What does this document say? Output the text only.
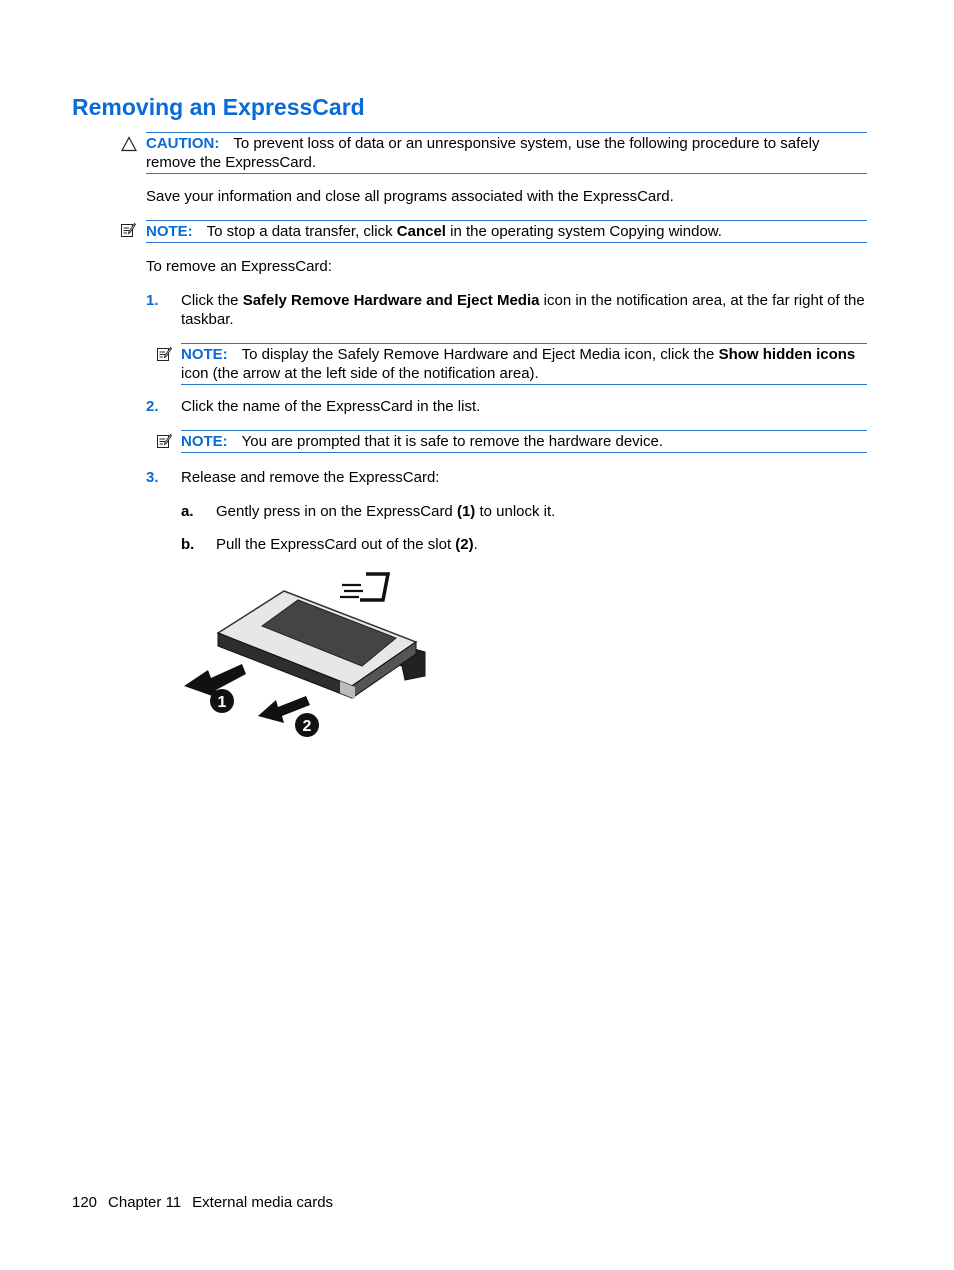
Removing an ExpressCard
CAUTION: To prevent loss of data or an unresponsive system, use the following procedure to safely remove the ExpressCard.

Save your information and close all programs associated with the ExpressCard.

NOTE: To stop a data transfer, click Cancel in the operating system Copying window.

To remove an ExpressCard:

1. Click the Safely Remove Hardware and Eject Media icon in the notification area, at the far right of the taskbar.
NOTE: To display the Safely Remove Hardware and Eject Media icon, click the Show hidden icons icon (the arrow at the left side of the notification area).
2. Click the name of the ExpressCard in the list.
NOTE: You are prompted that it is safe to remove the hardware device.
3. Release and remove the ExpressCard:
a. Gently press in on the ExpressCard (1) to unlock it.
b. Pull the ExpressCard out of the slot (2).
1
2
120 Chapter 11 External media cards
